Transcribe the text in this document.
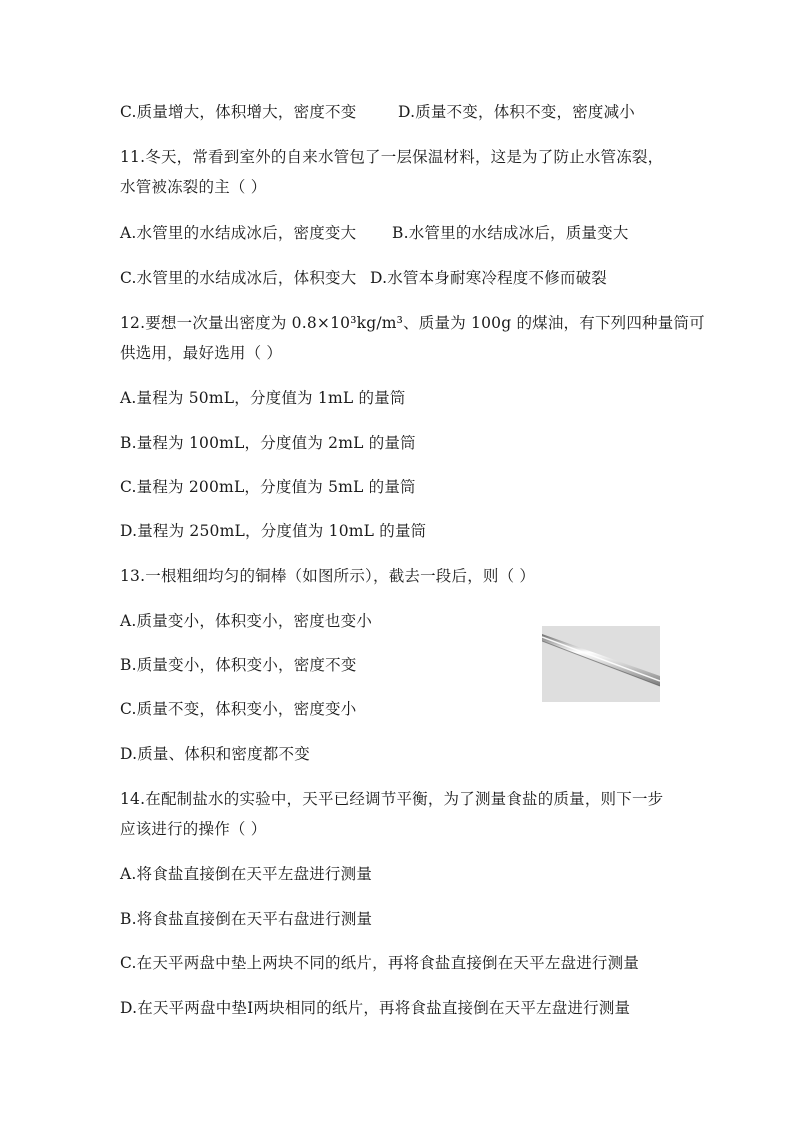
C.质量增大，体积增大，密度不变	D.质量不变，体积不变，密度减小
11.冬天，常看到室外的自来水管包了一层保温材料，这是为了防止水管冻裂，
水管被冻裂的主（ ）
A.水管里的水结成冰后，密度变大 B.水管里的水结成冰后，质量变大
C.水管里的水结成冰后，体积变大 D.水管本身耐寒冷程度不修而破裂
12.要想一次量出密度为 0.8×10³kg/m³、质量为 100g 的煤油，有下列四种量筒可
供选用，最好选用（ ）
A.量程为 50mL，分度值为 1mL 的量筒
B.量程为 100mL，分度值为 2mL 的量筒
C.量程为 200mL，分度值为 5mL 的量筒
D.量程为 250mL，分度值为 10mL 的量筒
13.一根粗细均匀的铜棒（如图所示），截去一段后，则（ ）
A.质量变小，体积变小，密度也变小
B.质量变小，体积变小，密度不变
C.质量不变，体积变小，密度变小
D.质量、体积和密度都不变
14.在配制盐水的实验中，天平已经调节平衡，为了测量食盐的质量，则下一步
应该进行的操作（ ）
A.将食盐直接倒在天平左盘进行测量
B.将食盐直接倒在天平右盘进行测量
C.在天平两盘中垫上两块不同的纸片，再将食盐直接倒在天平左盘进行测量
D.在天平两盘中垫Ⅰ两块相同的纸片，再将食盐直接倒在天平左盘进行测量
